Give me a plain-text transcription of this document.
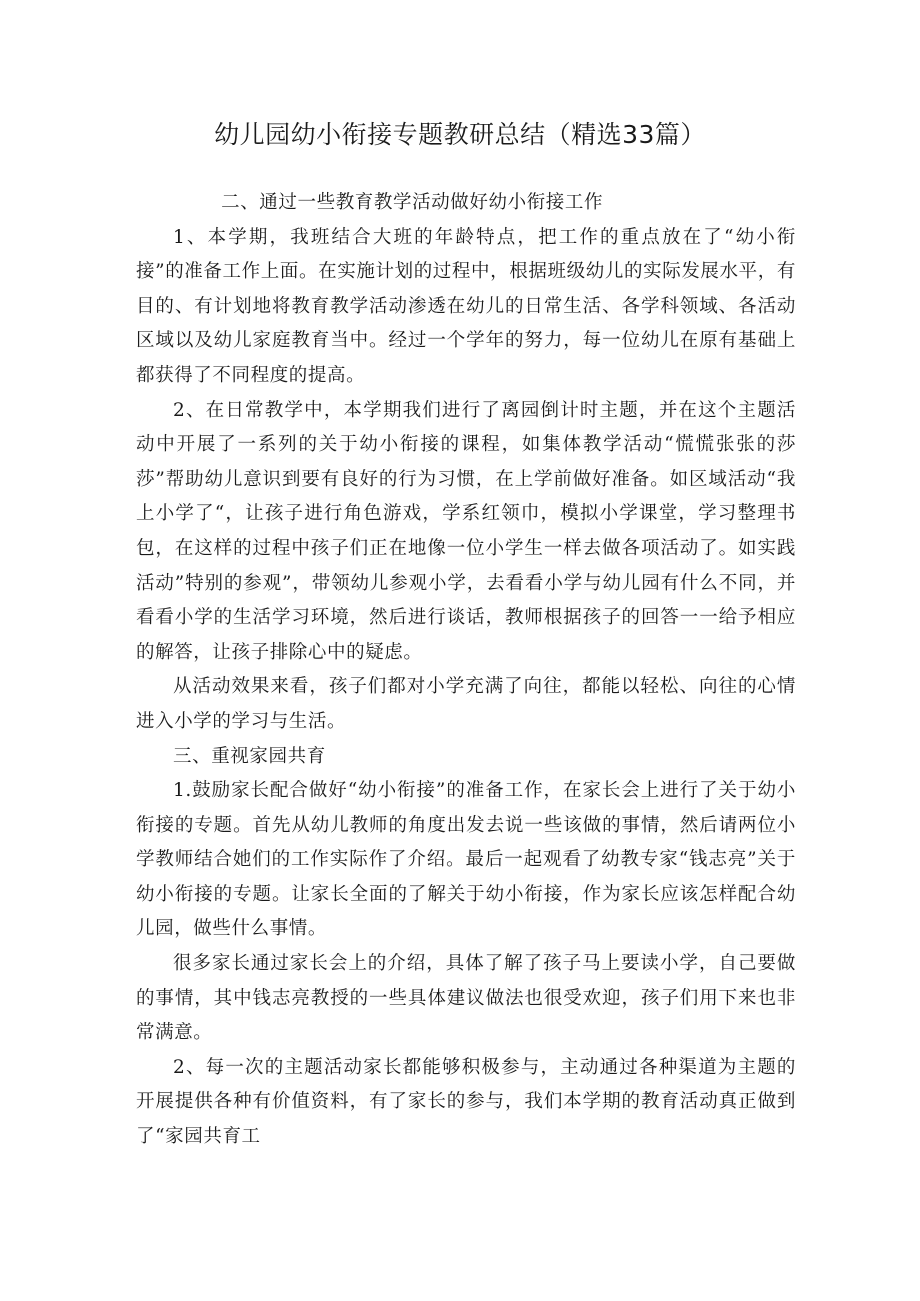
幼儿园幼小衔接专题教研总结（精选33篇）

二、通过一些教育教学活动做好幼小衔接工作

1、本学期，我班结合大班的年龄特点，把工作的重点放在了“幼小衔接”的准备工作上面。在实施计划的过程中，根据班级幼儿的实际发展水平，有目的、有计划地将教育教学活动渗透在幼儿的日常生活、各学科领域、各活动区域以及幼儿家庭教育当中。经过一个学年的努力，每一位幼儿在原有基础上都获得了不同程度的提高。

2、在日常教学中，本学期我们进行了离园倒计时主题，并在这个主题活动中开展了一系列的关于幼小衔接的课程，如集体教学活动“慌慌张张的莎莎”帮助幼儿意识到要有良好的行为习惯，在上学前做好准备。如区域活动“我上小学了“，让孩子进行角色游戏，学系红领巾，模拟小学课堂，学习整理书包，在这样的过程中孩子们正在地像一位小学生一样去做各项活动了。如实践活动”特别的参观”，带领幼儿参观小学，去看看小学与幼儿园有什么不同，并看看小学的生活学习环境，然后进行谈话，教师根据孩子的回答一一给予相应的解答，让孩子排除心中的疑虑。

从活动效果来看，孩子们都对小学充满了向往，都能以轻松、向往的心情进入小学的学习与生活。

三、重视家园共育

1.鼓励家长配合做好“幼小衔接”的准备工作，在家长会上进行了关于幼小衔接的专题。首先从幼儿教师的角度出发去说一些该做的事情，然后请两位小学教师结合她们的工作实际作了介绍。最后一起观看了幼教专家“钱志亮”关于幼小衔接的专题。让家长全面的了解关于幼小衔接，作为家长应该怎样配合幼儿园，做些什么事情。

很多家长通过家长会上的介绍，具体了解了孩子马上要读小学，自己要做的事情，其中钱志亮教授的一些具体建议做法也很受欢迎，孩子们用下来也非常满意。

2、每一次的主题活动家长都能够积极参与，主动通过各种渠道为主题的开展提供各种有价值资料，有了家长的参与，我们本学期的教育活动真正做到了“家园共育工
